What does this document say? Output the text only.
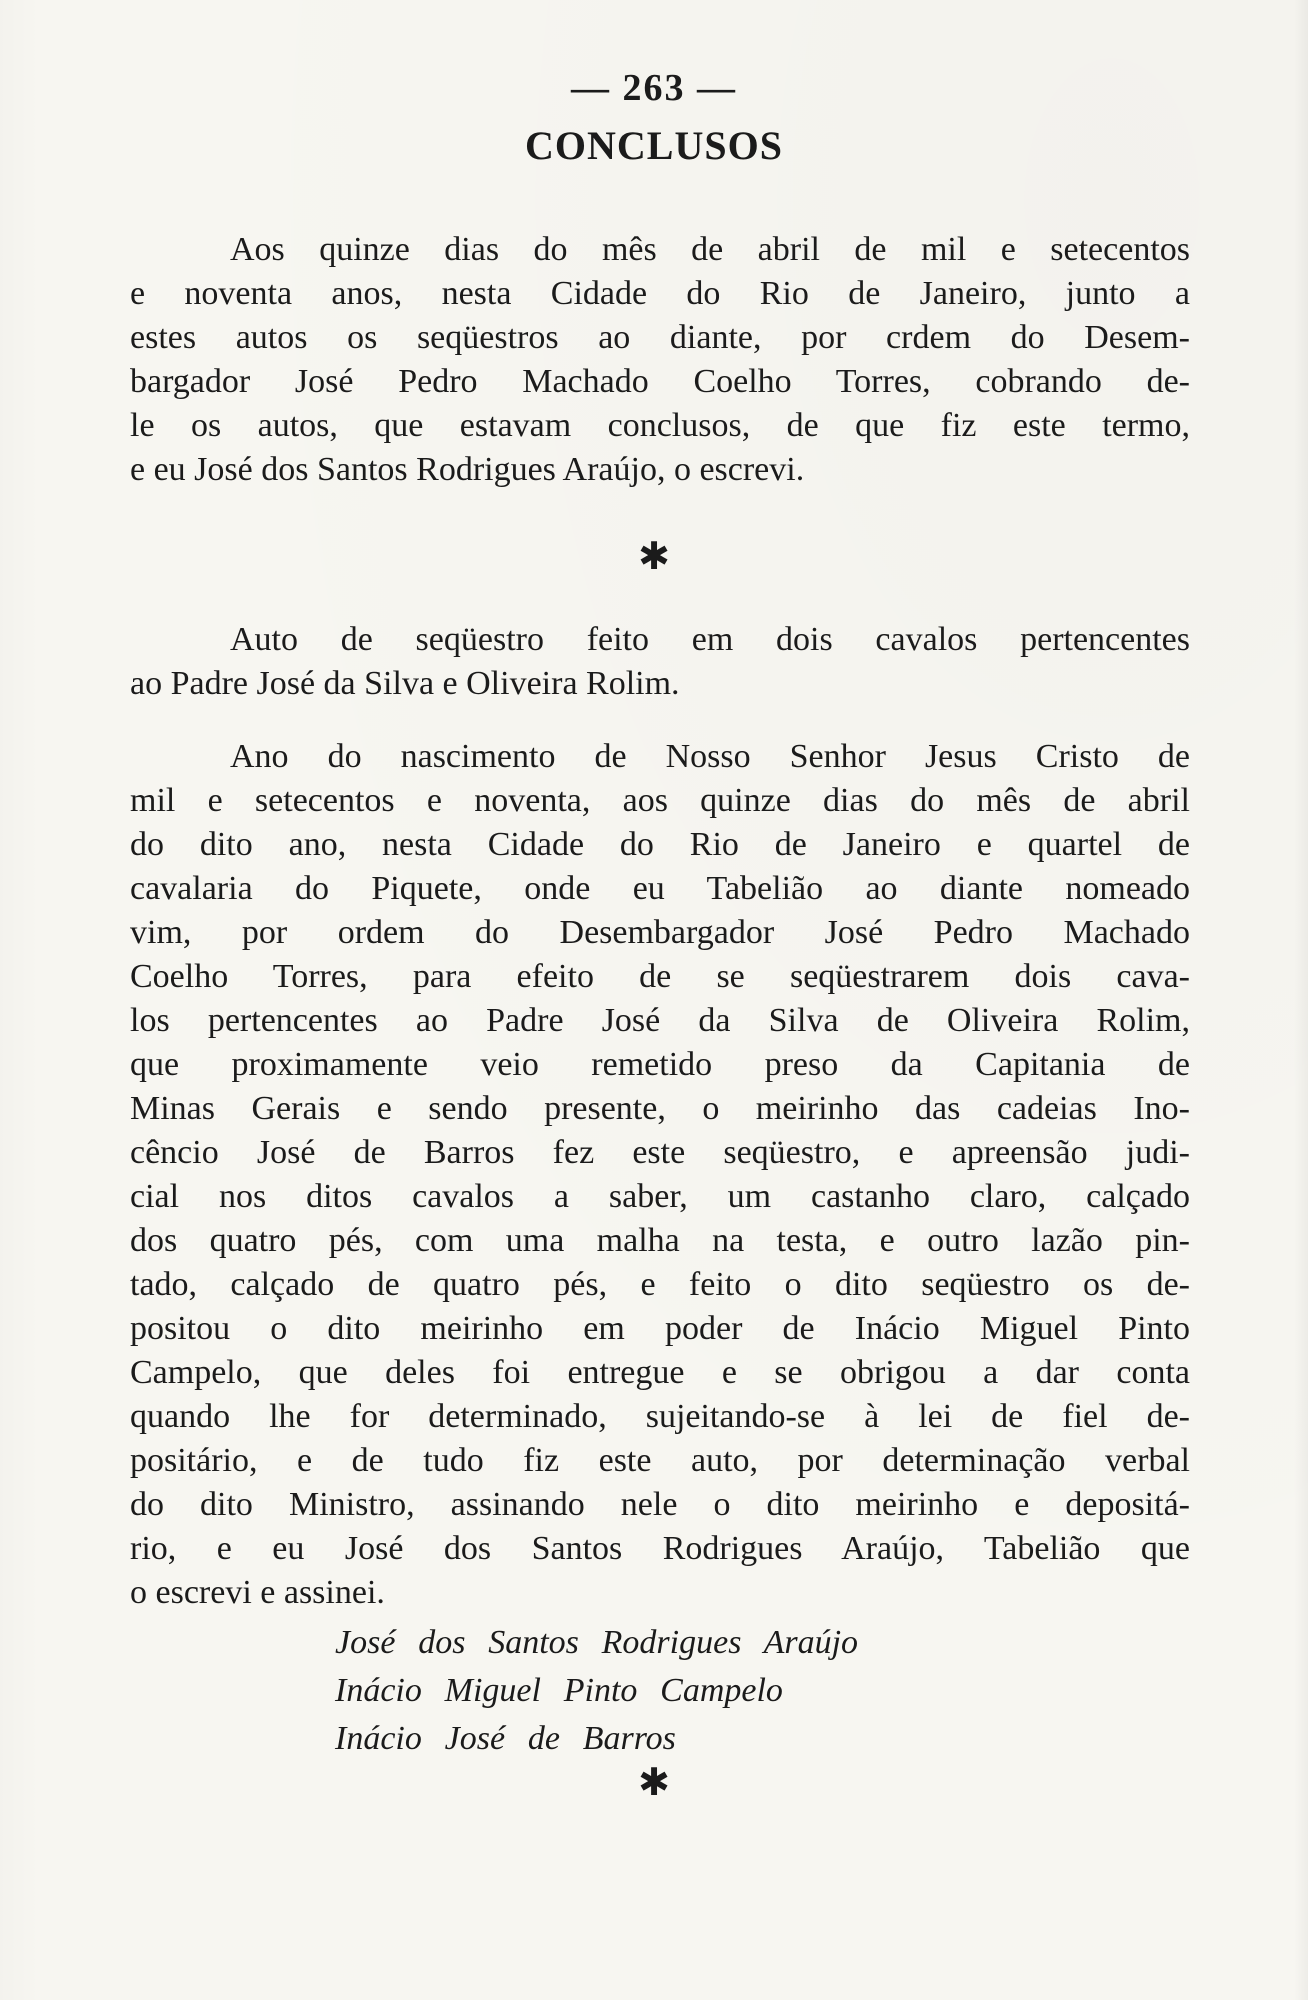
— 263 —
CONCLUSOS
Aos quinze dias do mês de abril de mil e setecentos
e noventa anos, nesta Cidade do Rio de Janeiro, junto a
estes autos os seqüestros ao diante, por crdem do Desem-
bargador José Pedro Machado Coelho Torres, cobrando de-
le os autos, que estavam conclusos, de que fiz este termo,
e eu José dos Santos Rodrigues Araújo, o escrevi.
✱
Auto de seqüestro feito em dois cavalos pertencentes
ao Padre José da Silva e Oliveira Rolim.
Ano do nascimento de Nosso Senhor Jesus Cristo de
mil e setecentos e noventa, aos quinze dias do mês de abril
do dito ano, nesta Cidade do Rio de Janeiro e quartel de
cavalaria do Piquete, onde eu Tabelião ao diante nomeado
vim, por ordem do Desembargador José Pedro Machado
Coelho Torres, para efeito de se seqüestrarem dois cava-
los pertencentes ao Padre José da Silva de Oliveira Rolim,
que proximamente veio remetido preso da Capitania de
Minas Gerais e sendo presente, o meirinho das cadeias Ino-
cêncio José de Barros fez este seqüestro, e apreensão judi-
cial nos ditos cavalos a saber, um castanho claro, calçado
dos quatro pés, com uma malha na testa, e outro lazão pin-
tado, calçado de quatro pés, e feito o dito seqüestro os de-
positou o dito meirinho em poder de Inácio Miguel Pinto
Campelo, que deles foi entregue e se obrigou a dar conta
quando lhe for determinado, sujeitando-se à lei de fiel de-
positário, e de tudo fiz este auto, por determinação verbal
do dito Ministro, assinando nele o dito meirinho e depositá-
rio, e eu José dos Santos Rodrigues Araújo, Tabelião que
o escrevi e assinei.
José dos Santos Rodrigues Araújo
Inácio Miguel Pinto Campelo
Inácio José de Barros
✱
